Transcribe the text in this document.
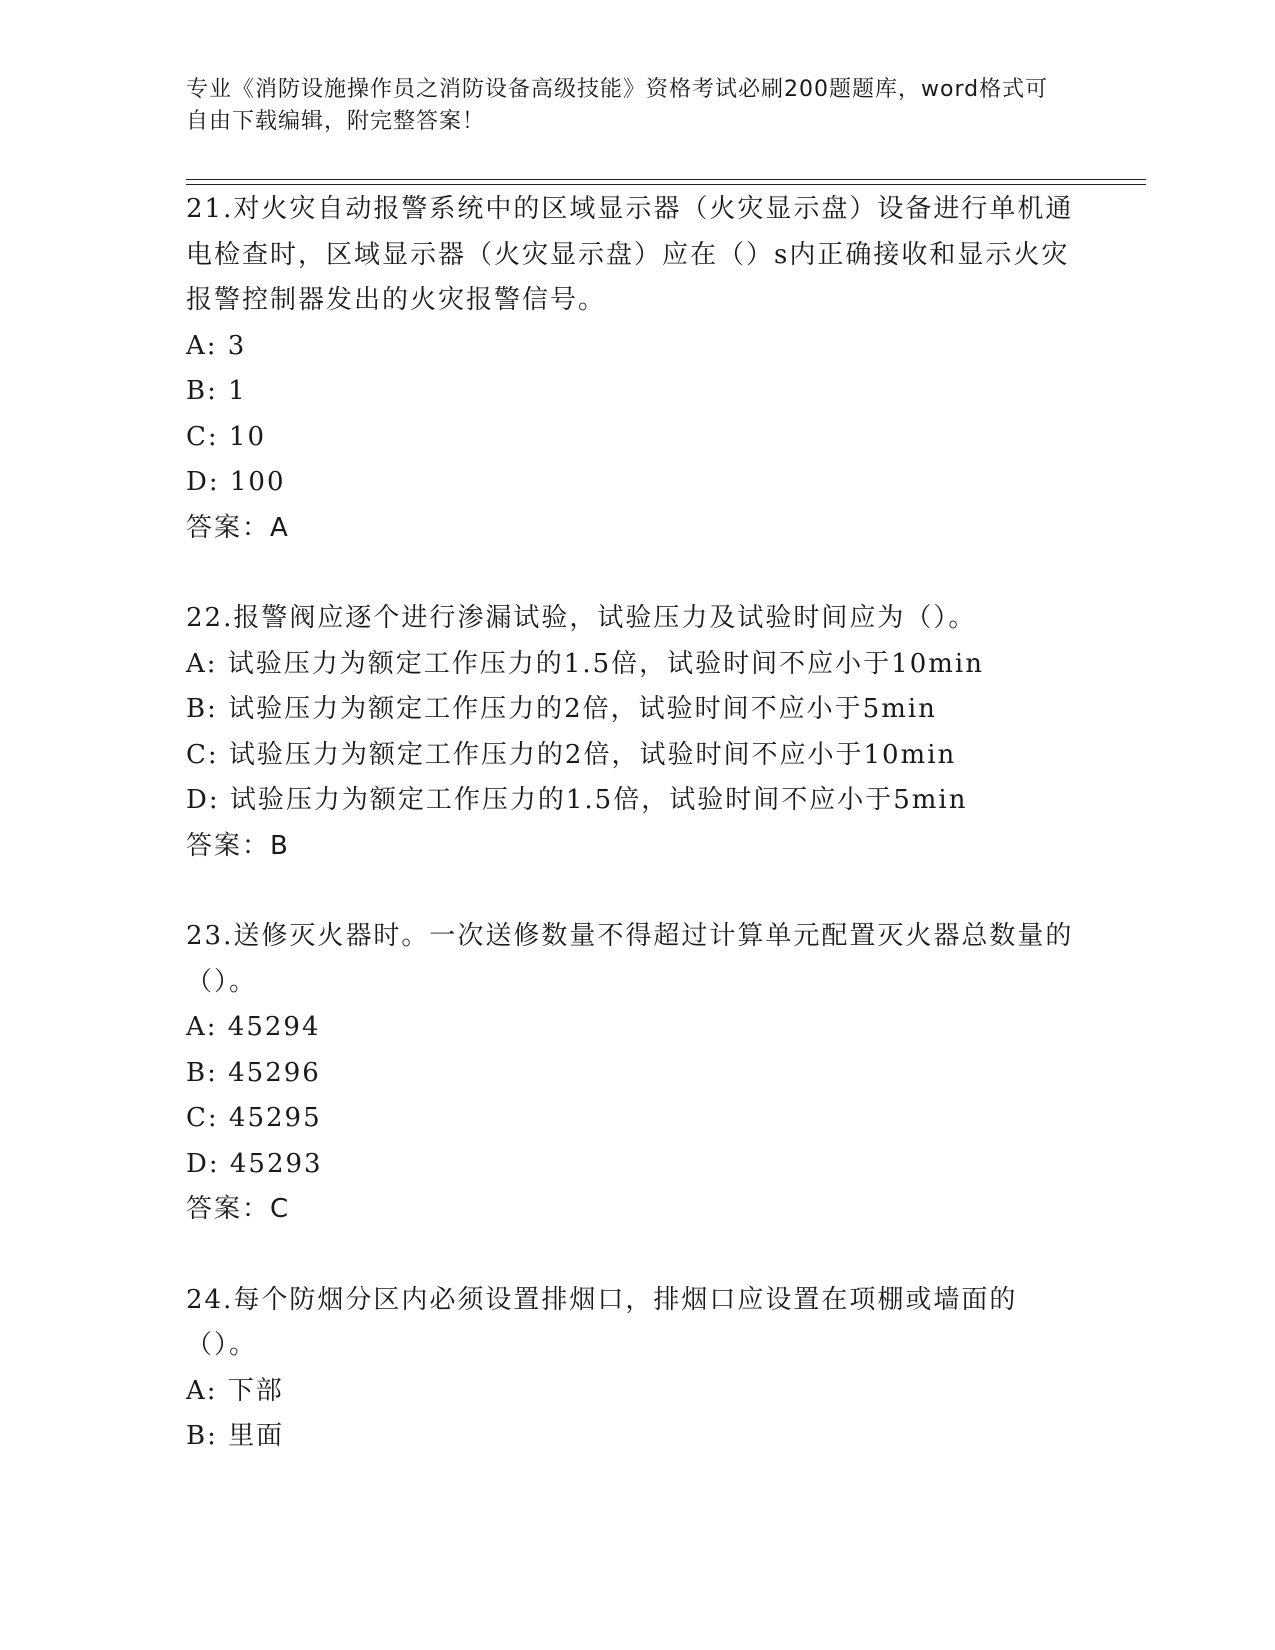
专业《消防设施操作员之消防设备高级技能》资格考试必刷200题题库，word格式可自由下载编辑，附完整答案！

21.对火灾自动报警系统中的区域显示器（火灾显示盘）设备进行单机通电检查时，区域显示器（火灾显示盘）应在（）s内正确接收和显示火灾报警控制器发出的火灾报警信号。

A: 3

B: 1

C: 10

D: 100

答案：A

22.报警阀应逐个进行渗漏试验，试验压力及试验时间应为（）。

A: 试验压力为额定工作压力的1.5倍，试验时间不应小于10min

B: 试验压力为额定工作压力的2倍，试验时间不应小于5min

C: 试验压力为额定工作压力的2倍，试验时间不应小于10min

D: 试验压力为额定工作压力的1.5倍，试验时间不应小于5min

答案：B

23.送修灭火器时。一次送修数量不得超过计算单元配置灭火器总数量的（）。

A: 45294

B: 45296

C: 45295

D: 45293

答案：C

24.每个防烟分区内必须设置排烟口，排烟口应设置在项棚或墙面的（）。

A: 下部

B: 里面
